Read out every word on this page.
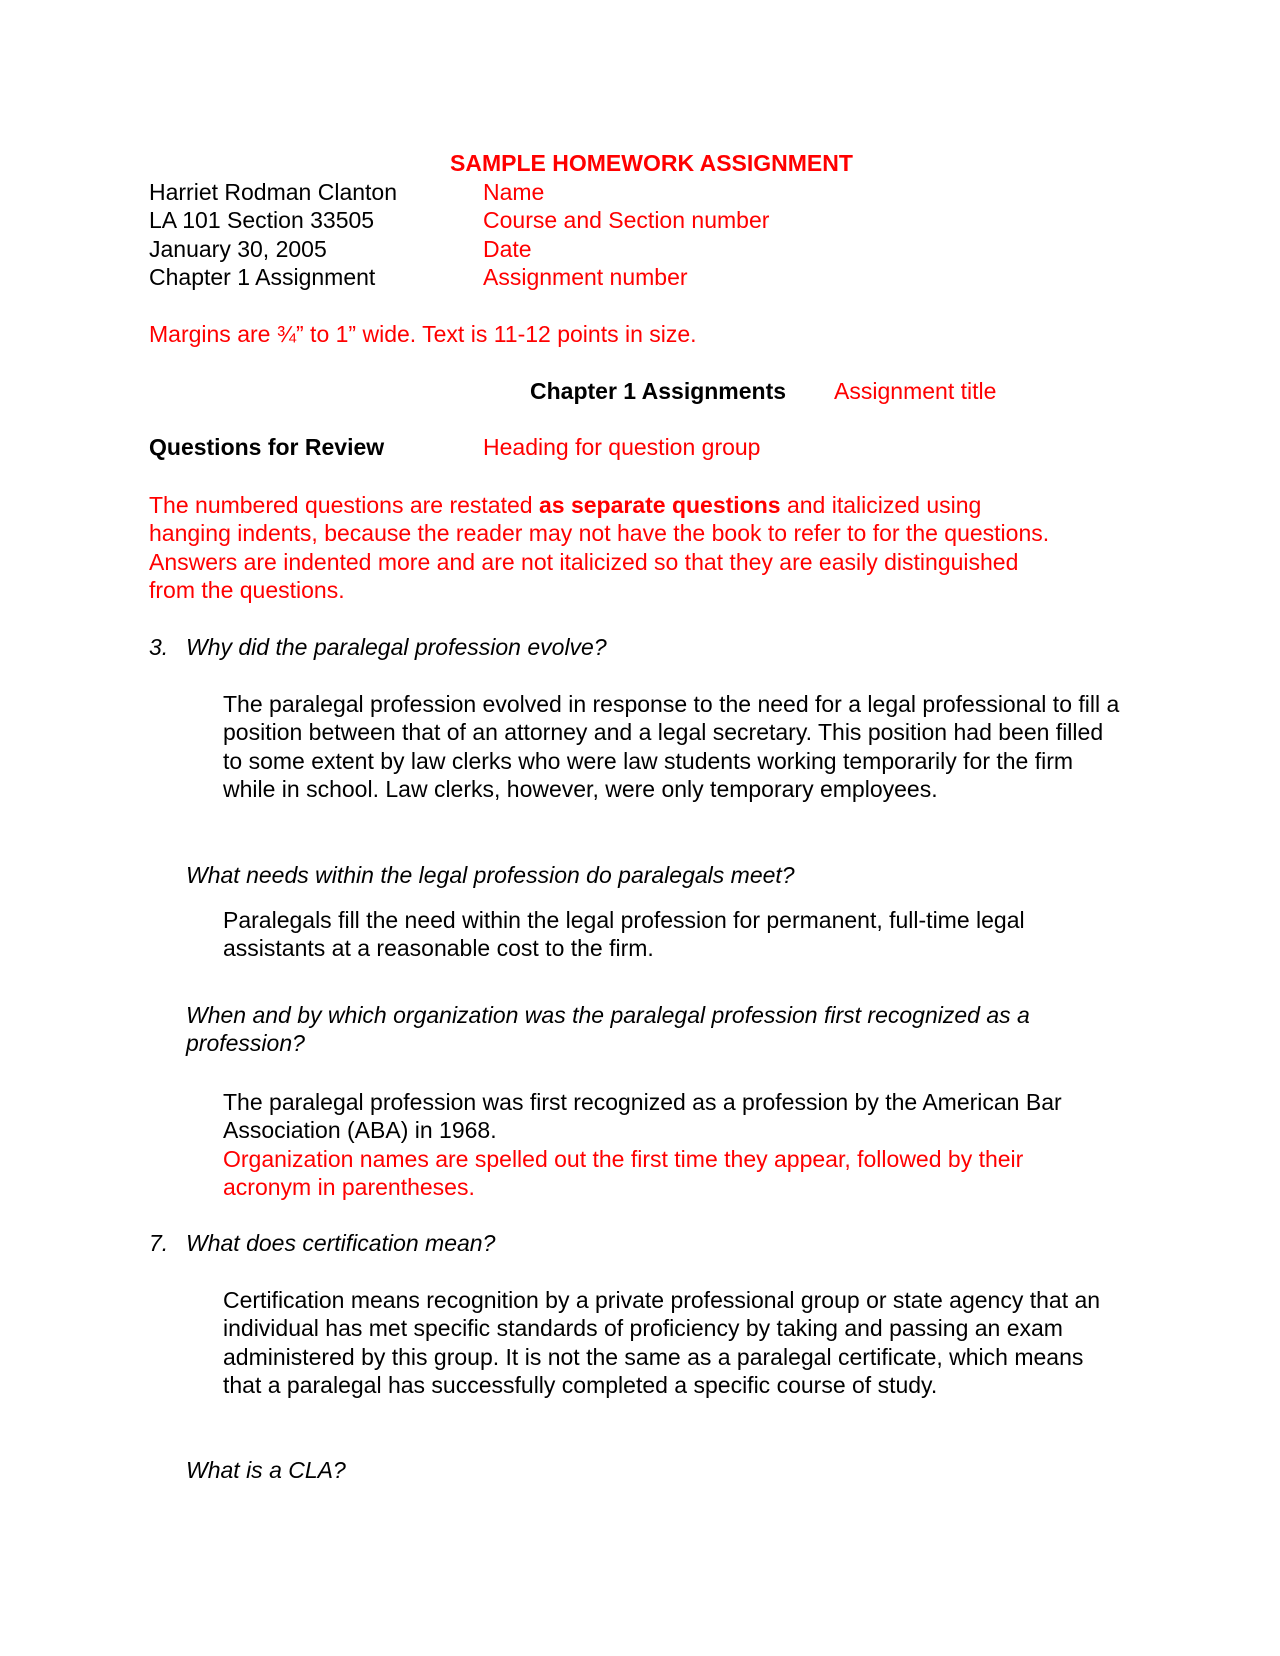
SAMPLE HOMEWORK ASSIGNMENT
Harriet Rodman Clanton	Name
LA 101 Section 33505	Course and Section number
January 30, 2005	Date
Chapter 1 Assignment	Assignment number
Margins are ¾” to 1” wide. Text is 11-12 points in size.
Chapter 1 Assignments Assignment title
Questions for Review	Heading for question group
The numbered questions are restated as separate questions and italicized using hanging indents, because the reader may not have the book to refer to for the questions. Answers are indented more and are not italicized so that they are easily distinguished from the questions.
3. Why did the paralegal profession evolve?
The paralegal profession evolved in response to the need for a legal professional to fill a position between that of an attorney and a legal secretary. This position had been filled to some extent by law clerks who were law students working temporarily for the firm while in school. Law clerks, however, were only temporary employees.
What needs within the legal profession do paralegals meet?
Paralegals fill the need within the legal profession for permanent, full-time legal assistants at a reasonable cost to the firm.
When and by which organization was the paralegal profession first recognized as a profession?
The paralegal profession was first recognized as a profession by the American Bar Association (ABA) in 1968.
Organization names are spelled out the first time they appear, followed by their acronym in parentheses.
7. What does certification mean?
Certification means recognition by a private professional group or state agency that an individual has met specific standards of proficiency by taking and passing an exam administered by this group. It is not the same as a paralegal certificate, which means that a paralegal has successfully completed a specific course of study.
What is a CLA?
